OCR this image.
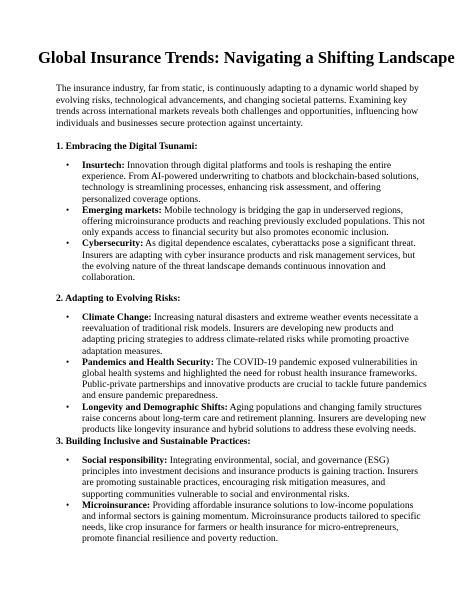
Global Insurance Trends: Navigating a Shifting Landscape

The insurance industry, far from static, is continuously adapting to a dynamic world shaped by evolving risks, technological advancements, and changing societal patterns. Examining key trends across international markets reveals both challenges and opportunities, influencing how individuals and businesses secure protection against uncertainty.

1. Embracing the Digital Tsunami:
• Insurtech: Innovation through digital platforms and tools is reshaping the entire experience. From AI-powered underwriting to chatbots and blockchain-based solutions, technology is streamlining processes, enhancing risk assessment, and offering personalized coverage options.
• Emerging markets: Mobile technology is bridging the gap in underserved regions, offering microinsurance products and reaching previously excluded populations. This not only expands access to financial security but also promotes economic inclusion.
• Cybersecurity: As digital dependence escalates, cyberattacks pose a significant threat. Insurers are adapting with cyber insurance products and risk management services, but the evolving nature of the threat landscape demands continuous innovation and collaboration.
2. Adapting to Evolving Risks:
• Climate Change: Increasing natural disasters and extreme weather events necessitate a reevaluation of traditional risk models. Insurers are developing new products and adapting pricing strategies to address climate-related risks while promoting proactive adaptation measures.
• Pandemics and Health Security: The COVID-19 pandemic exposed vulnerabilities in global health systems and highlighted the need for robust health insurance frameworks. Public-private partnerships and innovative products are crucial to tackle future pandemics and ensure pandemic preparedness.
• Longevity and Demographic Shifts: Aging populations and changing family structures raise concerns about long-term care and retirement planning. Insurers are developing new products like longevity insurance and hybrid solutions to address these evolving needs.
3. Building Inclusive and Sustainable Practices:
• Social responsibility: Integrating environmental, social, and governance (ESG) principles into investment decisions and insurance products is gaining traction. Insurers are promoting sustainable practices, encouraging risk mitigation measures, and supporting communities vulnerable to social and environmental risks.
• Microinsurance: Providing affordable insurance solutions to low-income populations and informal sectors is gaining momentum. Microinsurance products tailored to specific needs, like crop insurance for farmers or health insurance for micro-entrepreneurs, promote financial resilience and poverty reduction.
